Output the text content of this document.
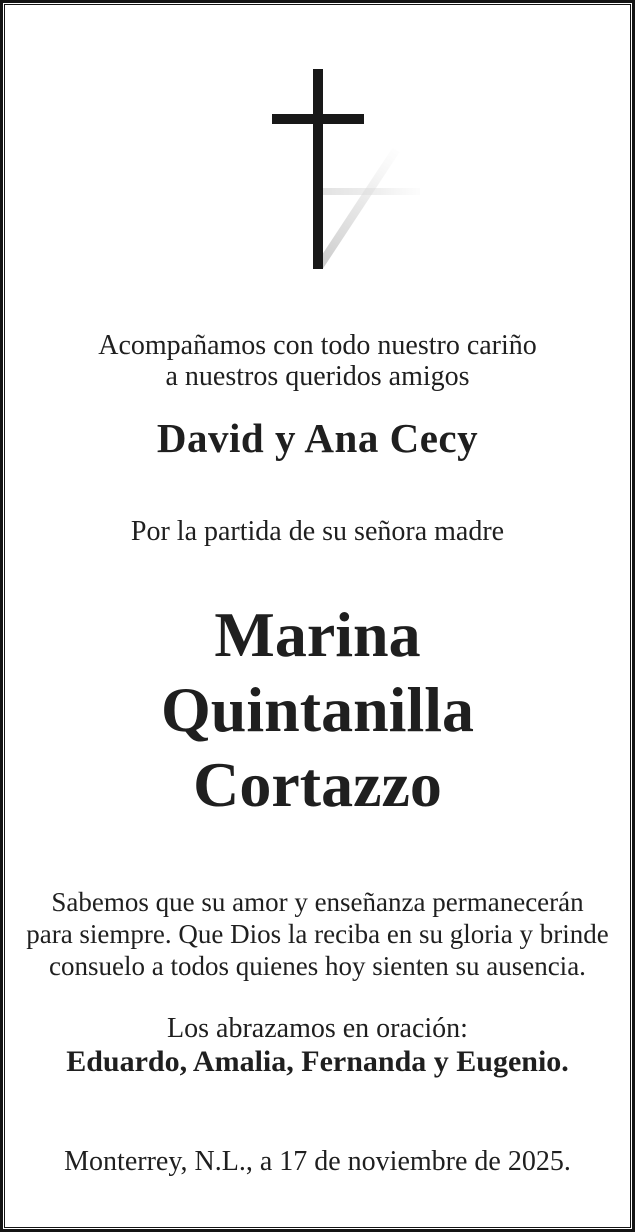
Acompañamos con todo nuestro cariño
a nuestros queridos amigos
David y Ana Cecy
Por la partida de su señora madre
Marina
Quintanilla
Cortazzo
Sabemos que su amor y enseñanza permanecerán
para siempre. Que Dios la reciba en su gloria y brinde
consuelo a todos quienes hoy sienten su ausencia.
Los abrazamos en oración:
Eduardo, Amalia, Fernanda y Eugenio.
Monterrey, N.L., a 17 de noviembre de 2025.
